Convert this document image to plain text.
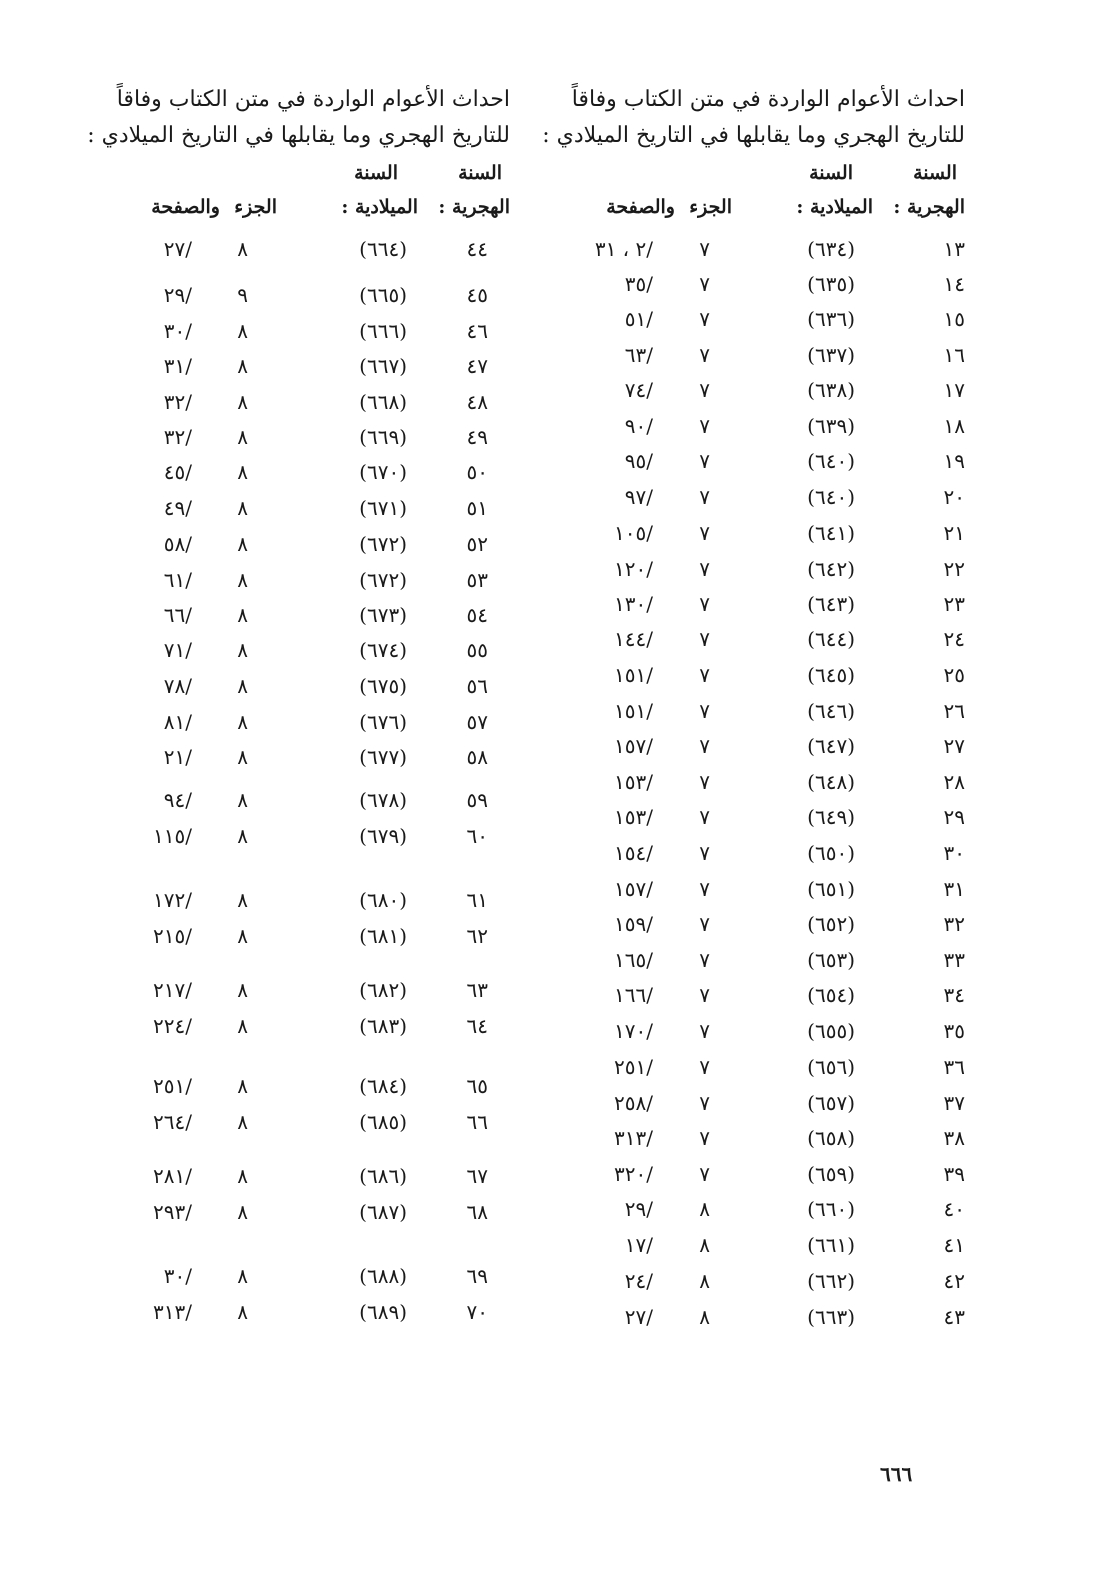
احداث الأعوام الواردة في متن الكتاب وفاقاً
للتاريخ الهجري وما يقابلها في التاريخ الميلادي :
السنة
السنة
الهجرية :
الميلادية :
الجزء
والصفحة
١٣
(٦٣٤)
٧
/٢ ، ٣١
١٤
(٦٣٥)
٧
/٣٥
١٥
(٦٣٦)
٧
/٥١
١٦
(٦٣٧)
٧
/٦٣
١٧
(٦٣٨)
٧
/٧٤
١٨
(٦٣٩)
٧
/٩٠
١٩
(٦٤٠)
٧
/٩٥
٢٠
(٦٤٠)
٧
/٩٧
٢١
(٦٤١)
٧
/١٠٥
٢٢
(٦٤٢)
٧
/١٢٠
٢٣
(٦٤٣)
٧
/١٣٠
٢٤
(٦٤٤)
٧
/١٤٤
٢٥
(٦٤٥)
٧
/١٥١
٢٦
(٦٤٦)
٧
/١٥١
٢٧
(٦٤٧)
٧
/١٥٧
٢٨
(٦٤٨)
٧
/١٥٣
٢٩
(٦٤٩)
٧
/١٥٣
٣٠
(٦٥٠)
٧
/١٥٤
٣١
(٦٥١)
٧
/١٥٧
٣٢
(٦٥٢)
٧
/١٥٩
٣٣
(٦٥٣)
٧
/١٦٥
٣٤
(٦٥٤)
٧
/١٦٦
٣٥
(٦٥٥)
٧
/١٧٠
٣٦
(٦٥٦)
٧
/٢٥١
٣٧
(٦٥٧)
٧
/٢٥٨
٣٨
(٦٥٨)
٧
/٣١٣
٣٩
(٦٥٩)
٧
/٣٢٠
٤٠
(٦٦٠)
٨
/٢٩
٤١
(٦٦١)
٨
/١٧
٤٢
(٦٦٢)
٨
/٢٤
٤٣
(٦٦٣)
٨
/٢٧
احداث الأعوام الواردة في متن الكتاب وفاقاً
للتاريخ الهجري وما يقابلها في التاريخ الميلادي :
السنة
السنة
الهجرية :
الميلادية :
الجزء
والصفحة
٤٤
(٦٦٤)
٨
/٢٧
٤٥
(٦٦٥)
٩
/٢٩
٤٦
(٦٦٦)
٨
/٣٠
٤٧
(٦٦٧)
٨
/٣١
٤٨
(٦٦٨)
٨
/٣٢
٤٩
(٦٦٩)
٨
/٣٢
٥٠
(٦٧٠)
٨
/٤٥
٥١
(٦٧١)
٨
/٤٩
٥٢
(٦٧٢)
٨
/٥٨
٥٣
(٦٧٢)
٨
/٦١
٥٤
(٦٧٣)
٨
/٦٦
٥٥
(٦٧٤)
٨
/٧١
٥٦
(٦٧٥)
٨
/٧٨
٥٧
(٦٧٦)
٨
/٨١
٥٨
(٦٧٧)
٨
/٢١
٥٩
(٦٧٨)
٨
/٩٤
٦٠
(٦٧٩)
٨
/١١٥
٦١
(٦٨٠)
٨
/١٧٢
٦٢
(٦٨١)
٨
/٢١٥
٦٣
(٦٨٢)
٨
/٢١٧
٦٤
(٦٨٣)
٨
/٢٢٤
٦٥
(٦٨٤)
٨
/٢٥١
٦٦
(٦٨٥)
٨
/٢٦٤
٦٧
(٦٨٦)
٨
/٢٨١
٦٨
(٦٨٧)
٨
/٢٩٣
٦٩
(٦٨٨)
٨
/٣٠
٧٠
(٦٨٩)
٨
/٣١٣
٦٦٦
